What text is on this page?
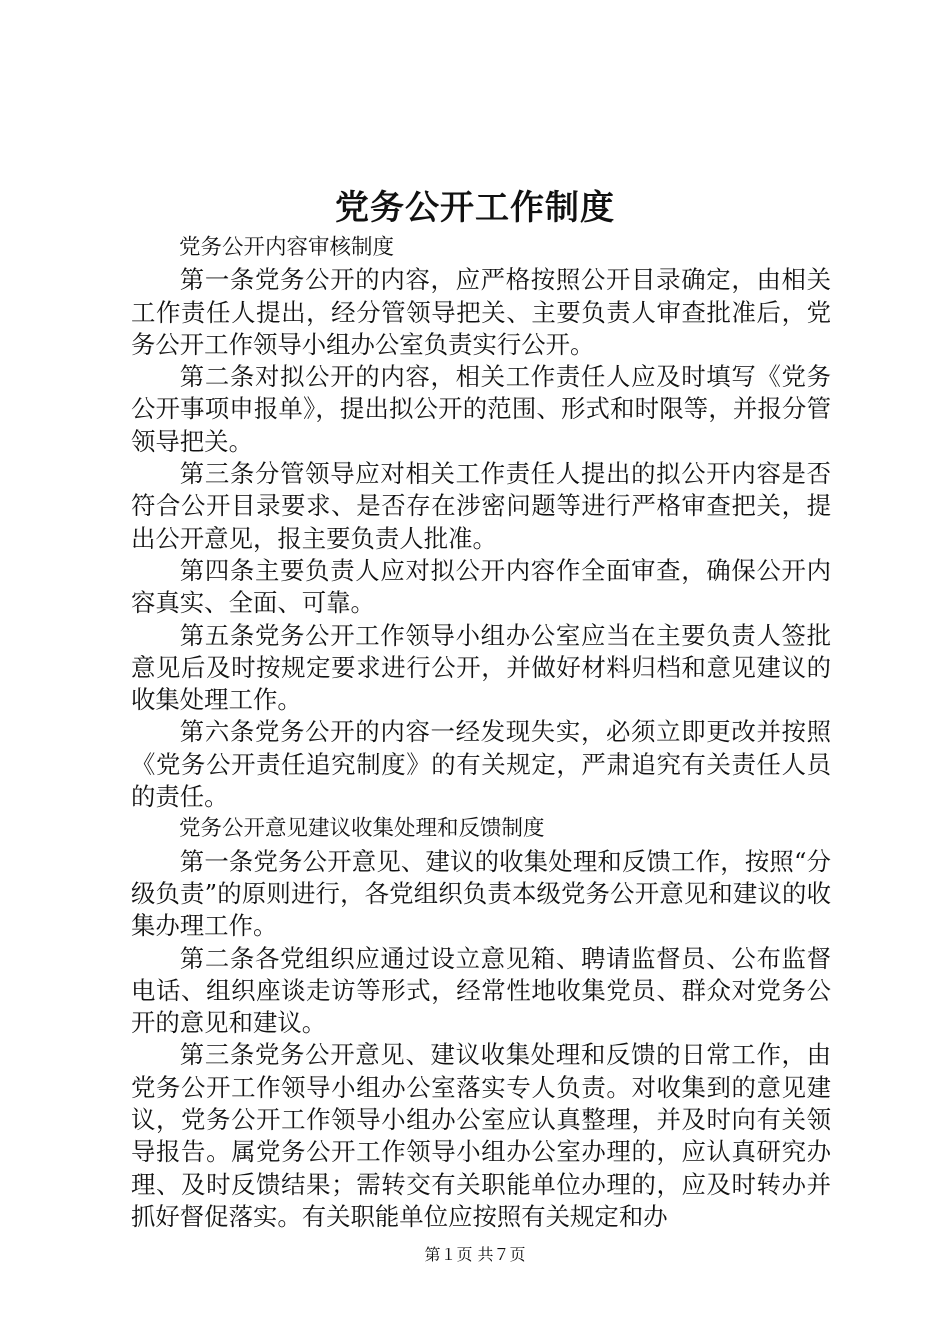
党务公开工作制度
党务公开内容审核制度

第一条党务公开的内容，应严格按照公开目录确定，由相关工作责任人提出，经分管领导把关、主要负责人审查批准后，党务公开工作领导小组办公室负责实行公开。

第二条对拟公开的内容，相关工作责任人应及时填写《党务公开事项申报单》，提出拟公开的范围、形式和时限等，并报分管领导把关。

第三条分管领导应对相关工作责任人提出的拟公开内容是否符合公开目录要求、是否存在涉密问题等进行严格审查把关，提出公开意见，报主要负责人批准。

第四条主要负责人应对拟公开内容作全面审查，确保公开内容真实、全面、可靠。

第五条党务公开工作领导小组办公室应当在主要负责人签批意见后及时按规定要求进行公开，并做好材料归档和意见建议的收集处理工作。

第六条党务公开的内容一经发现失实，必须立即更改并按照《党务公开责任追究制度》的有关规定，严肃追究有关责任人员的责任。

党务公开意见建议收集处理和反馈制度

第一条党务公开意见、建议的收集处理和反馈工作，按照“分级负责”的原则进行，各党组织负责本级党务公开意见和建议的收集办理工作。

第二条各党组织应通过设立意见箱、聘请监督员、公布监督电话、组织座谈走访等形式，经常性地收集党员、群众对党务公开的意见和建议。

第三条党务公开意见、建议收集处理和反馈的日常工作，由党务公开工作领导小组办公室落实专人负责。对收集到的意见建议，党务公开工作领导小组办公室应认真整理，并及时向有关领导报告。属党务公开工作领导小组办公室办理的，应认真研究办理、及时反馈结果；需转交有关职能单位办理的，应及时转办并抓好督促落实。有关职能单位应按照有关规定和办

第１页 共７页
